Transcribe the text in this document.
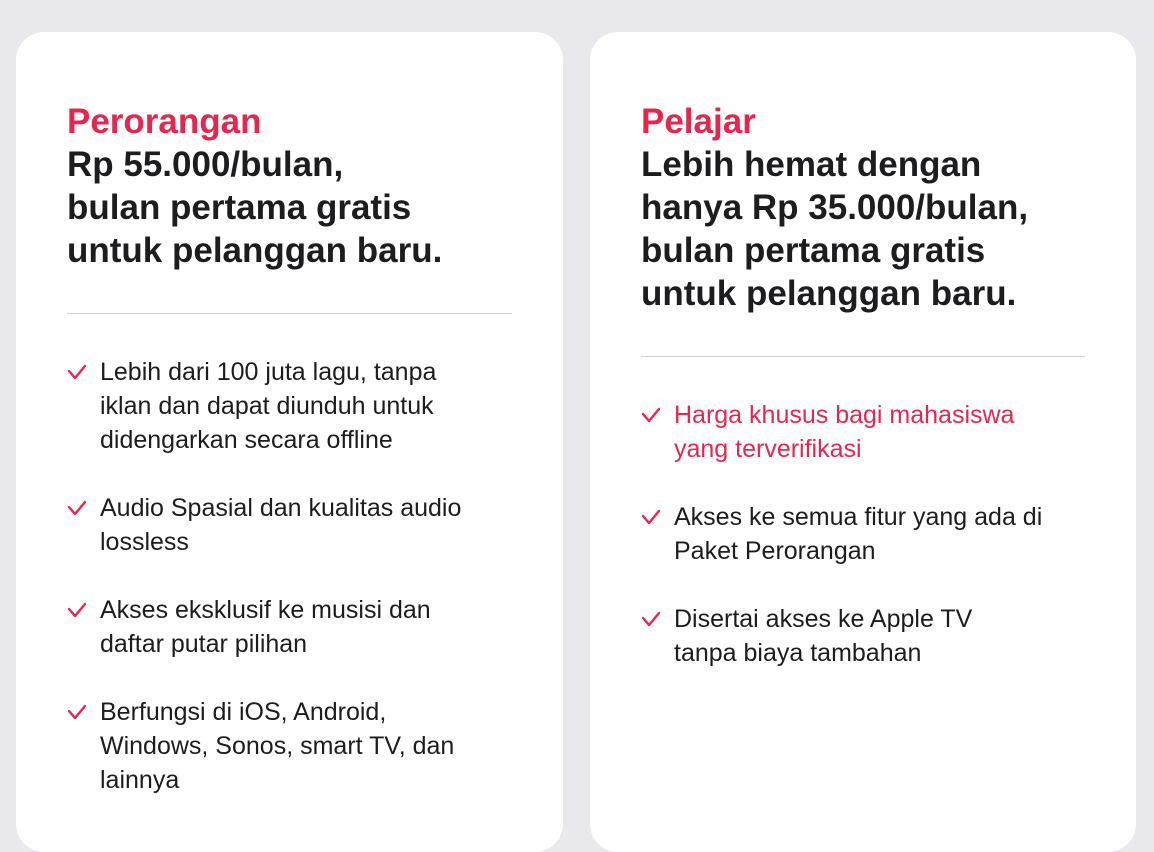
Perorangan
Rp 55.000/bulan,
bulan pertama gratis
untuk pelanggan baru.
Lebih dari 100 juta lagu, tanpa
iklan dan dapat diunduh untuk
didengarkan secara offline
Audio Spasial dan kualitas audio
lossless
Akses eksklusif ke musisi dan
daftar putar pilihan
Berfungsi di iOS, Android,
Windows, Sonos, smart TV, dan
lainnya
Pelajar
Lebih hemat dengan
hanya Rp 35.000/bulan,
bulan pertama gratis
untuk pelanggan baru.
Harga khusus bagi mahasiswa
yang terverifikasi
Akses ke semua fitur yang ada di
Paket Perorangan
Disertai akses ke Apple TV
tanpa biaya tambahan
